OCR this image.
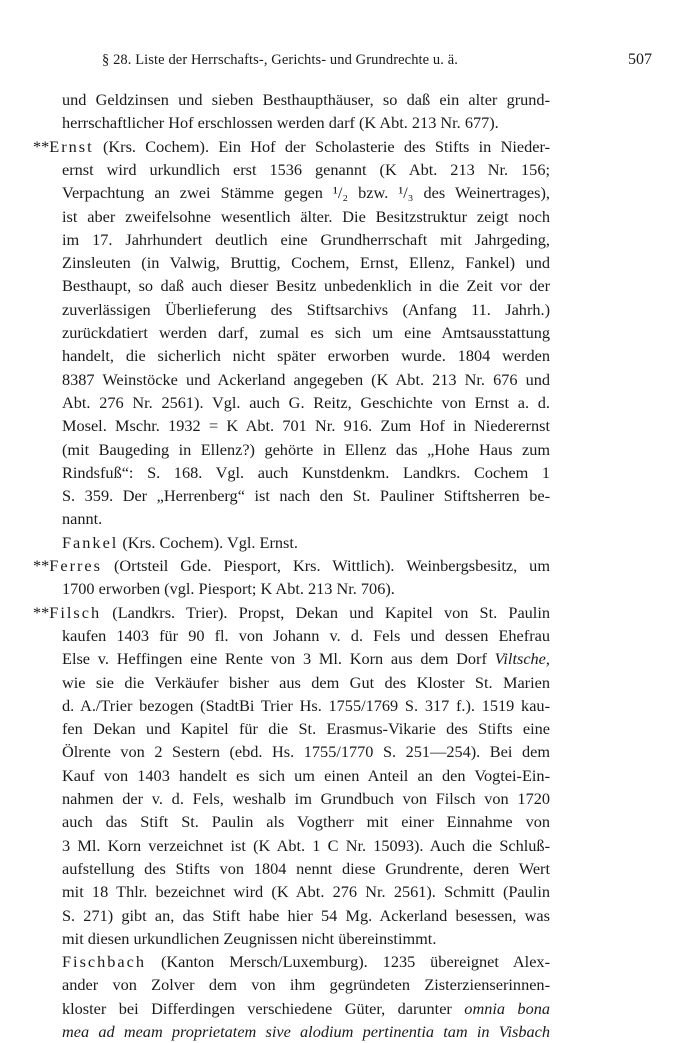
§ 28. Liste der Herrschafts-, Gerichts- und Grundrechte u. ä.	507
und Geldzinsen und sieben Besthaupthäuser, so daß ein alter grund-
herrschaftlicher Hof erschlossen werden darf (K Abt. 213 Nr. 677).
**Ernst (Krs. Cochem). Ein Hof der Scholasterie des Stifts in Nieder-
ernst wird urkundlich erst 1536 genannt (K Abt. 213 Nr. 156;
Verpachtung an zwei Stämme gegen ¹/₂ bzw. ¹/₃ des Weinertrages),
ist aber zweifelsohne wesentlich älter. Die Besitzstruktur zeigt noch
im 17. Jahrhundert deutlich eine Grundherrschaft mit Jahrgeding,
Zinsleuten (in Valwig, Bruttig, Cochem, Ernst, Ellenz, Fankel) und
Besthaupt, so daß auch dieser Besitz unbedenklich in die Zeit vor der
zuverlässigen Überlieferung des Stiftsarchivs (Anfang 11. Jahrh.)
zurückdatiert werden darf, zumal es sich um eine Amtsausstattung
handelt, die sicherlich nicht später erworben wurde. 1804 werden
8387 Weinstöcke und Ackerland angegeben (K Abt. 213 Nr. 676 und
Abt. 276 Nr. 2561). Vgl. auch G. Reitz, Geschichte von Ernst a. d.
Mosel. Mschr. 1932 = K Abt. 701 Nr. 916. Zum Hof in Niederernst
(mit Baugeding in Ellenz?) gehörte in Ellenz das „Hohe Haus zum
Rindsfuß“: S. 168. Vgl. auch Kunstdenkm. Landkrs. Cochem 1
S. 359. Der „Herrenberg“ ist nach den St. Pauliner Stiftsherren be-
nannt.
Fankel (Krs. Cochem). Vgl. Ernst.
**Ferres (Ortsteil Gde. Piesport, Krs. Wittlich). Weinbergsbesitz, um
1700 erworben (vgl. Piesport; K Abt. 213 Nr. 706).
**Filsch (Landkrs. Trier). Propst, Dekan und Kapitel von St. Paulin
kaufen 1403 für 90 fl. von Johann v. d. Fels und dessen Ehefrau
Else v. Heffingen eine Rente von 3 Ml. Korn aus dem Dorf Viltsche,
wie sie die Verkäufer bisher aus dem Gut des Kloster St. Marien
d. A./Trier bezogen (StadtBi Trier Hs. 1755/1769 S. 317 f.). 1519 kau-
fen Dekan und Kapitel für die St. Erasmus-Vikarie des Stifts eine
Ölrente von 2 Sestern (ebd. Hs. 1755/1770 S. 251—254). Bei dem
Kauf von 1403 handelt es sich um einen Anteil an den Vogtei-Ein-
nahmen der v. d. Fels, weshalb im Grundbuch von Filsch von 1720
auch das Stift St. Paulin als Vogtherr mit einer Einnahme von
3 Ml. Korn verzeichnet ist (K Abt. 1 C Nr. 15093). Auch die Schluß-
aufstellung des Stifts von 1804 nennt diese Grundrente, deren Wert
mit 18 Thlr. bezeichnet wird (K Abt. 276 Nr. 2561). Schmitt (Paulin
S. 271) gibt an, das Stift habe hier 54 Mg. Ackerland besessen, was
mit diesen urkundlichen Zeugnissen nicht übereinstimmt.
Fischbach (Kanton Mersch/Luxemburg). 1235 übereignet Alex-
ander von Zolver dem von ihm gegründeten Zisterzienserinnen-
kloster bei Differdingen verschiedene Güter, darunter omnia bona
mea ad meam proprietatem sive alodium pertinentia tam in Visbach
